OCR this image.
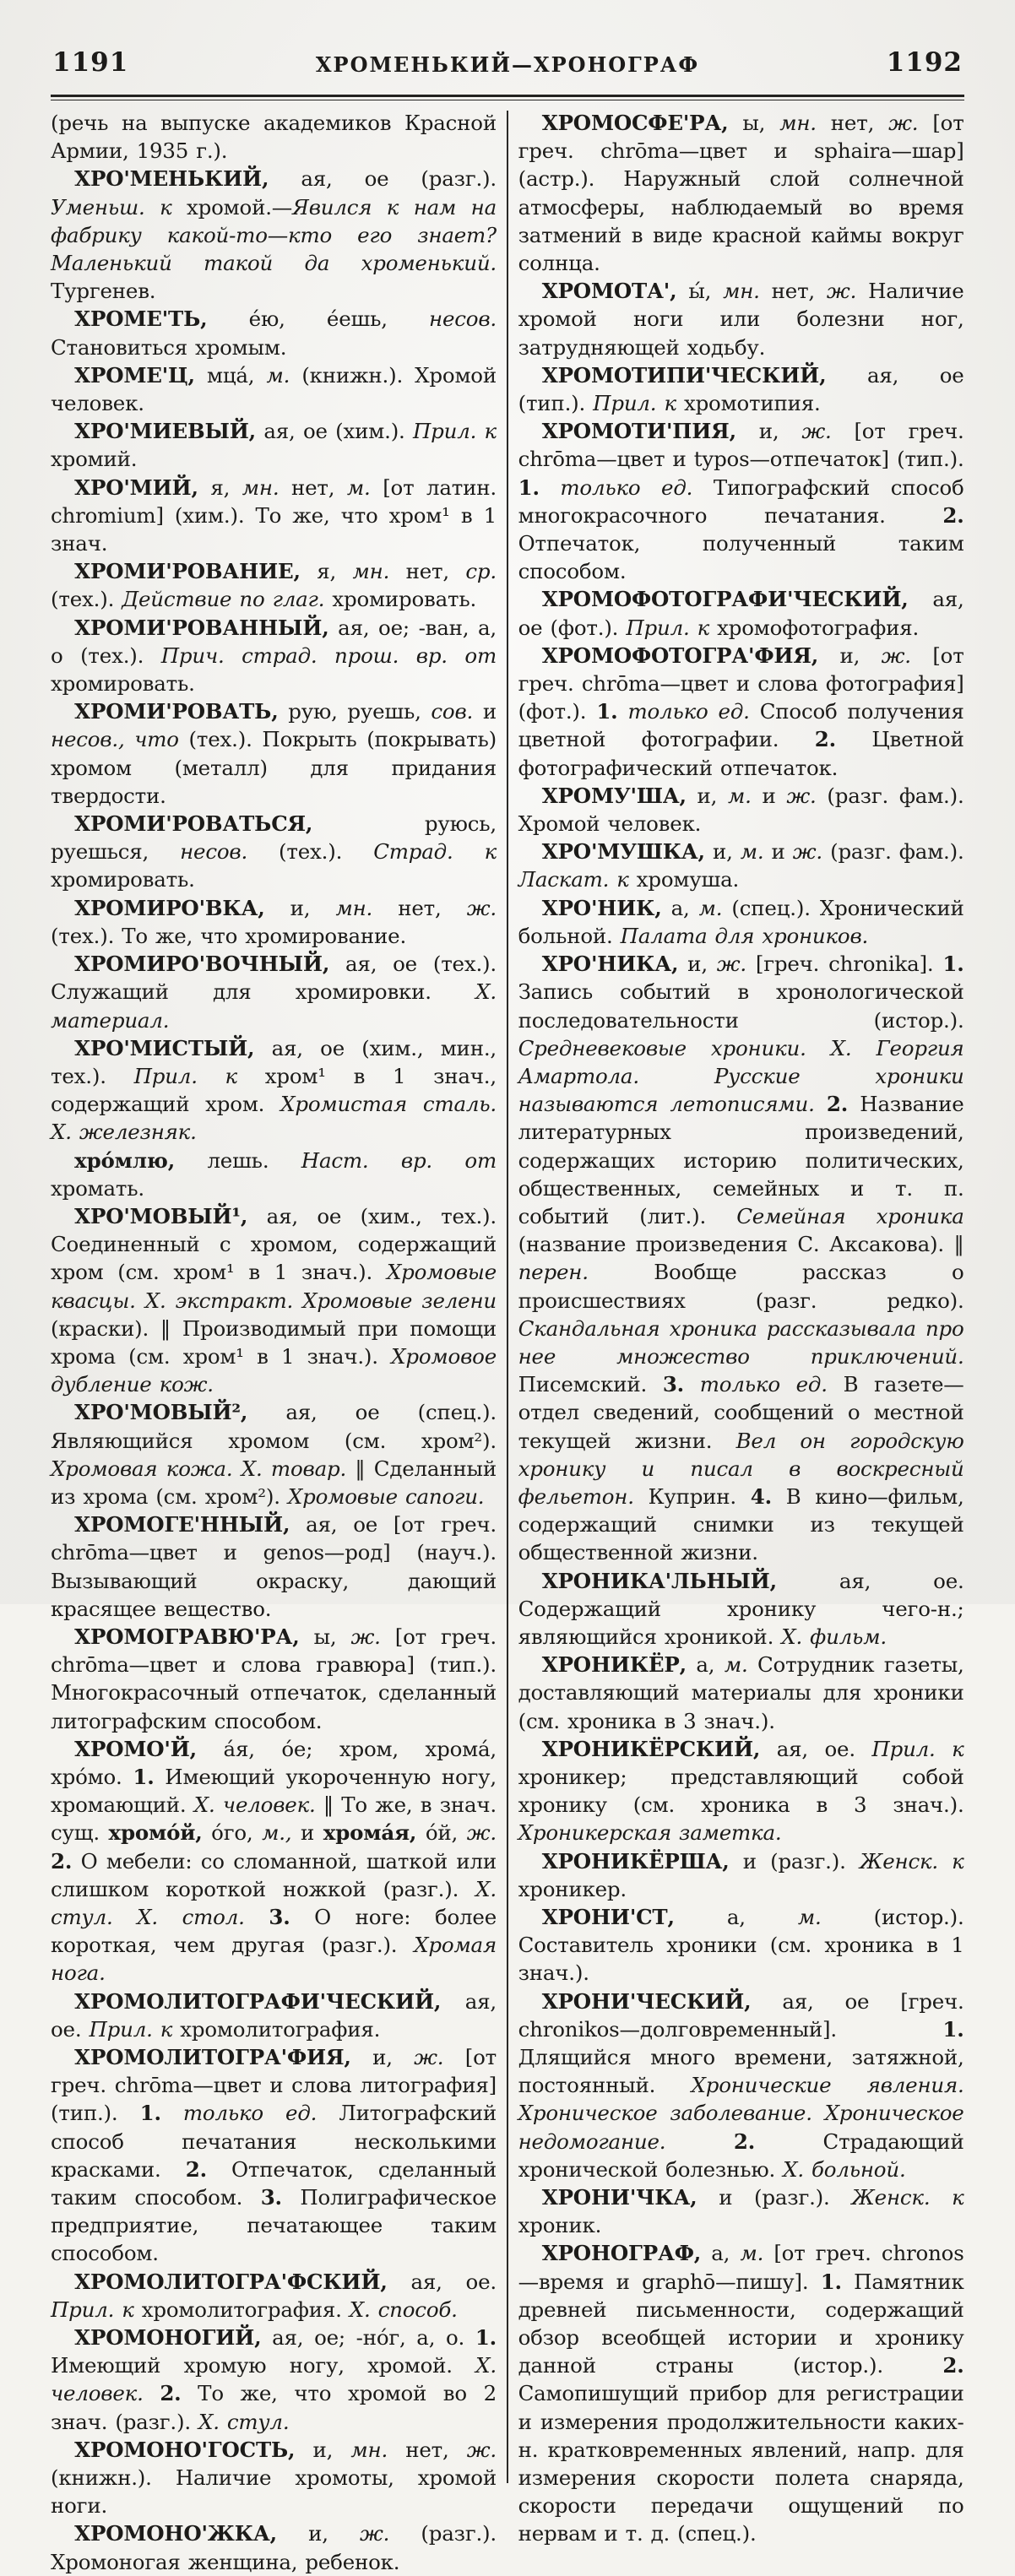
1191	ХРОМЕНЬКИЙ—ХРОНОГРАФ	1192

(речь на выпуске академиков Красной Армии, 1935 г.).

ХРО'МЕНЬКИЙ, ая, ое (разг.). Уменьш. к хромой.—Явился к нам на фабрику какой-то—кто его знает? Маленький такой да хроменький. Тургенев.

ХРОМЕ'ТЬ, е́ю, е́ешь, несов. Становиться хромым.

ХРОМЕ'Ц, мца́, м. (книжн.). Хромой человек.

ХРО'МИЕВЫЙ, ая, ое (хим.). Прил. к хромий.

ХРО'МИЙ, я, мн. нет, м. [от латин. chromium] (хим.). То же, что хром¹ в 1 знач.

ХРОМИ'РОВАНИЕ, я, мн. нет, ср. (тех.). Действие по глаг. хромировать.

ХРОМИ'РОВАННЫЙ, ая, ое; -ван, а, о (тех.). Прич. страд. прош. вр. от хромировать.

ХРОМИ'РОВАТЬ, рую, руешь, сов. и несов., что (тех.). Покрыть (покрывать) хромом (металл) для придания твердости.

ХРОМИ'РОВАТЬСЯ, руюсь, руешься, несов. (тех.). Страд. к хромировать.

ХРОМИРО'ВКА, и, мн. нет, ж. (тех.). То же, что хромирование.

ХРОМИРО'ВОЧНЫЙ, ая, ое (тех.). Служащий для хромировки. Х. материал.

ХРО'МИСТЫЙ, ая, ое (хим., мин., тех.). Прил. к хром¹ в 1 знач., содержащий хром. Хромистая сталь. Х. железняк.

хро́млю, лешь. Наст. вр. от хромать.

ХРО'МОВЫЙ¹, ая, ое (хим., тех.). Соединенный с хромом, содержащий хром (см. хром¹ в 1 знач.). Хромовые квасцы. Х. экстракт. Хромовые зелени (краски). ‖ Производимый при помощи хрома (см. хром¹ в 1 знач.). Хромовое дубление кож.

ХРО'МОВЫЙ², ая, ое (спец.). Являющийся хромом (см. хром²). Хромовая кожа. Х. товар. ‖ Сделанный из хрома (см. хром²). Хромовые сапоги.

ХРОМОГЕ'ННЫЙ, ая, ое [от греч. chrōma—цвет и genos—род] (науч.). Вызывающий окраску, дающий красящее вещество.

ХРОМОГРАВЮ'РА, ы, ж. [от греч. chrōma—цвет и слова гравюра] (тип.). Многокрасочный отпечаток, сделанный литографским способом.

ХРОМО'Й, а́я, о́е; хром, хрома́, хро́мо. 1. Имеющий укороченную ногу, хромающий. Х. человек. ‖ То же, в знач. сущ. хромо́й, о́го, м., и хрома́я, о́й, ж. 2. О мебели: со сломанной, шаткой или слишком короткой ножкой (разг.). Х. стул. Х. стол. 3. О ноге: более короткая, чем другая (разг.). Хромая нога.

ХРОМОЛИТОГРАФИ'ЧЕСКИЙ, ая, ое. Прил. к хромолитография.

ХРОМОЛИТОГРА'ФИЯ, и, ж. [от греч. chrōma—цвет и слова литография] (тип.). 1. только ед. Литографский способ печатания несколькими красками. 2. Отпечаток, сделанный таким способом. 3. Полиграфическое предприятие, печатающее таким способом.

ХРОМОЛИТОГРА'ФСКИЙ, ая, ое. Прил. к хромолитография. Х. способ.

ХРОМОНОГИЙ, ая, ое; -но́г, а, о. 1. Имеющий хромую ногу, хромой. Х. человек. 2. То же, что хромой во 2 знач. (разг.). Х. стул.

ХРОМОНО'ГОСТЬ, и, мн. нет, ж. (книжн.). Наличие хромоты, хромой ноги.

ХРОМОНО'ЖКА, и, ж. (разг.). Хромоногая женщина, ребенок.

ХРОМОСФЕ'РА, ы, мн. нет, ж. [от греч. chrōma—цвет и sphaira—шар] (астр.). Наружный слой солнечной атмосферы, наблюдаемый во время затмений в виде красной каймы вокруг солнца.

ХРОМОТА', ы́, мн. нет, ж. Наличие хромой ноги или болезни ног, затрудняющей ходьбу.

ХРОМОТИПИ'ЧЕСКИЙ, ая, ое (тип.). Прил. к хромотипия.

ХРОМОТИ'ПИЯ, и, ж. [от греч. chrōma—цвет и typos—отпечаток] (тип.). 1. только ед. Типографский способ многокрасочного печатания. 2. Отпечаток, полученный таким способом.

ХРОМОФОТОГРАФИ'ЧЕСКИЙ, ая, ое (фот.). Прил. к хромофотография.

ХРОМОФОТОГРА'ФИЯ, и, ж. [от греч. chrōma—цвет и слова фотография] (фот.). 1. только ед. Способ получения цветной фотографии. 2. Цветной фотографический отпечаток.

ХРОМУ'ША, и, м. и ж. (разг. фам.). Хромой человек.

ХРО'МУШКА, и, м. и ж. (разг. фам.). Ласкат. к хромуша.

ХРО'НИК, а, м. (спец.). Хронический больной. Палата для хроников.

ХРО'НИКА, и, ж. [греч. chronika]. 1. Запись событий в хронологической последовательности (истор.). Средневековые хроники. Х. Георгия Амартола. Русские хроники называются летописями. 2. Название литературных произведений, содержащих историю политических, общественных, семейных и т. п. событий (лит.). Семейная хроника (название произведения С. Аксакова). ‖ перен. Вообще рассказ о происшествиях (разг. редко). Скандальная хроника рассказывала про нее множество приключений. Писемский. 3. только ед. В газете—отдел сведений, сообщений о местной текущей жизни. Вел он городскую хронику и писал в воскресный фельетон. Куприн. 4. В кино—фильм, содержащий снимки из текущей общественной жизни.

ХРОНИКА'ЛЬНЫЙ, ая, ое. Содержащий хронику чего-н.; являющийся хроникой. Х. фильм.

ХРОНИКЁР, а, м. Сотрудник газеты, доставляющий материалы для хроники (см. хроника в 3 знач.).

ХРОНИКЁРСКИЙ, ая, ое. Прил. к хроникер; представляющий собой хронику (см. хроника в 3 знач.). Хроникерская заметка.

ХРОНИКЁРША, и (разг.). Женск. к хроникер.

ХРОНИ'СТ, а, м. (истор.). Составитель хроники (см. хроника в 1 знач.).

ХРОНИ'ЧЕСКИЙ, ая, ое [греч. chronikos—долговременный]. 1. Длящийся много времени, затяжной, постоянный. Хронические явления. Хроническое заболевание. Хроническое недомогание.	2. Страдающий хронической болезнью. Х. больной.

ХРОНИ'ЧКА, и (разг.). Женск. к хроник.

ХРОНОГРАФ, а, м. [от греч. chronos—время и graphō—пишу]. 1. Памятник древней письменности, содержащий обзор всеобщей истории и хронику данной страны (истор.). 2. Самопишущий прибор для регистрации и измерения продолжительности каких-н. кратковременных явлений, напр. для измерения скорости полета снаряда, скорости передачи ощущений по нервам и т. д. (спец.).
